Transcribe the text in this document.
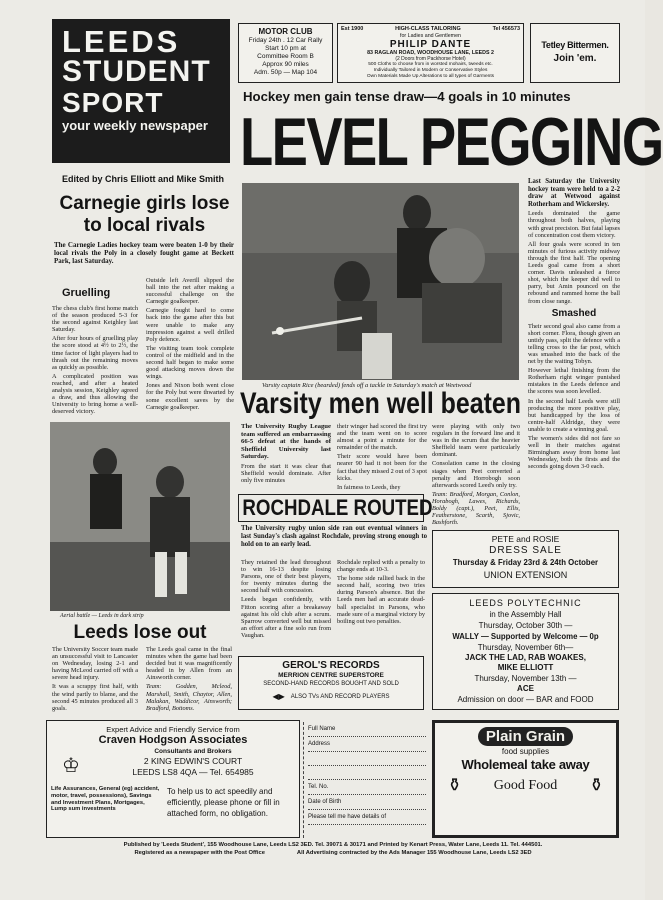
LEEDS
STUDENT
SPORT
your weekly newspaper
MOTOR CLUB
Friday 24th . 12 Car Rally
Start 10 pm at
Committee Room B
Approx 90 miles
Adm. 50p — Map 104
Est 1900	HIGH-CLASS TAILORING	Tel 456573
for Ladies and Gentlemen
PHILIP DANTE
83 RAGLAN ROAD, WOODHOUSE LANE, LEEDS 2
(2 Doors from Packhorse Hotel)
500 Cloths to choose from in worsted mohairs, tweeds etc.
Individually Tailored in Modern or Conservative Styles
Own Materials Made Up Alterations to all types of Garments
Tetley Bittermen.
Join 'em.
Hockey men gain tense draw—4 goals in 10 minutes
LEVEL PEGGING
Edited by Chris Elliott and Mike Smith
Carnegie girls lose to local rivals
The Carnegie Ladies hockey team were beaten 1-0 by their local rivals the Poly in a closely fought game at Beckett Park, last Saturday.
Gruelling

The chess club's first home match of the season produced 5-3 for the second against Keighley last Saturday.

After four hours of gruelling play the score stood at 4½ to 2½, the time factor of light players had to thrash out the remaining moves as quickly as possible.

A complicated position was reached, and after a heated analysis session, Keighley agreed a draw, and thus allowing the University to bring home a well-deserved victory.

Outside left Averill slipped the ball into the net after making a successful challenge on the Carnegie goalkeeper.

Carnegie fought hard to come back into the game after this but were unable to make any impression against a well drilled Poly defence.

The visiting team took complete control of the midfield and in the second half began to make some good attacking moves down the wings.

Jones and Nixon both went close for the Poly but were thwarted by some excellent saves by the Carnegie goalkeeper.

Varsity captain Rice (bearded) fends off a tackle in Saturday's match at Weetwood

Last Saturday the University hockey team were held to a 2-2 draw at Wetwood against Rotherham and Wickersley.

Leeds dominated the game throughout both halves, playing with great precision. But fatal lapses of concentration cost them victory.

All four goals were scored in ten minutes of furious activity midway through the first half. The opening Leeds goal came from a short corner. Davis unleashed a fierce shot, which the keeper did well to parry, but Amin pounced on the rebound and rammed home the ball from close range.

Smashed

Their second goal also came from a short corner. Flora, though given an untidy pass, split the defence with a telling cross to the far post, which was smashed into the back of the net by the waiting Tobyn.

However lethal finishing from the Rotherham right winger punished mistakes in the Leeds defence and the scores was soon levelled.

In the second half Leeds were still producing the more positive play, but handicapped by the loss of centre-half Aldridge, they were unable to create a winning goal.

The women's sides did not fare so well in their matches against Birmingham away from home last Wednesday, both the firsts and the seconds going down 3-0 each.

Aerial battle — Leeds in dark strip
Leeds lose out

The University Soccer team made an unsuccessful visit to Lancaster on Wednesday, losing 2-1 and having McLeod carried off with a severe head injury.

It was a scrappy first half, with the wind partly to blame, and the second 45 minutes produced all 3 goals.

The Leeds goal came in the final minutes when the game had been decided but it was magnificently headed in by Allen from an Ainsworth corner.

Team: Godden, Mcleod, Marshall, Smith, Chaytor, Allen, Malakan, Waddicor, Ainsworth; Bradford, Bottoms.

Varsity men well beaten

The University Rugby League team suffered an embarrassing 66-5 defeat at the hands of Sheffield University last Saturday.

From the start it was clear that Sheffield would dominate. After only five minutes

their winger had scored the first try and the team went on to score almost a point a minute for the remainder of the match.

Their score would have been nearer 90 had it not been for the fact that they missed 2 out of 3 spot kicks.

In fairness to Leeds, they

were playing with only two regulars in the forward line and it was in the scrum that the heavier Sheffield team were particularly dominant.

Consolation came in the closing stages when Peet converted a penalty and Horrobogh soon afterwards scored Leed's only try.

Team: Bradford, Morgan, Conlon, Horabogh, Lawes, Richards, Boldy (capt.), Peet, Ellis, Featherstone, Scarth, Sjovic, Bashforth.

ROCHDALE ROUTED
The University rugby union side ran out eventual winners in last Sunday's clash against Rochdale, proving strong enough to hold on to an early lead.

They retained the lead throughout to win 16-13 despite losing Parsons, one of their best players, for twenty minutes during the second half with concussion.

Leeds began confidently, with Fitton scoring after a breakaway against his old club after a scrum. Sparrow converted well but missed an effort after a fine solo run from Vaughan.

Rochdale replied with a penalty to change ends at 10-3.

The home side rallied back in the second half, scoring two tries during Parson's absence. But the Leeds men had an accurate dead-ball specialist in Parsons, who made sure of a marginal victory by boiling out two penalties.

PETE and ROSIE
DRESS SALE
Thursday & Friday 23rd & 24th October
UNION EXTENSION
LEEDS POLYTECHNIC
in the Assembly Hall
Thursday, October 30th —
WALLY — Supported by Welcome — 0p
Thursday, November 6th—
JACK THE LAD, RAB WOAKES,
MIKE ELLIOTT
Thursday, November 13th —
ACE
Admission on door — BAR and FOOD
GEROL'S RECORDS
MERRION CENTRE SUPERSTORE
SECOND-HAND RECORDS BOUGHT AND SOLD
◀▶ ALSO TVs AND RECORD PLAYERS
Expert Advice and Friendly Service from
Craven Hodgson Associates
♔
Consultants and Brokers
2 KING EDWIN'S COURT
LEEDS LS8 4QA — Tel. 654985
Life Assurances, General (eg) accident, motor, travel, possessions), Savings and Investment Plans, Mortgages, Lump sum investments
To help us to act speedily and efficiently, please phone or fill in attached form, no obligation.
Full Name
Address
Tel. No.
Date of Birth
Please tell me have details of
Plain Grain
food supplies
Wholemeal take away
⚱ Good Food ⚱
Published by 'Leeds Student', 155 Woodhouse Lane, Leeds LS2 3ED. Tel. 39071 & 30171 and Printed by Kenart Press, Water Lane, Leeds 11. Tel. 444501.
Registered as a newspaper with the Post Office                    All Advertising contracted by the Ads Manager 155 Woodhouse Lane, Leeds LS2 3ED
